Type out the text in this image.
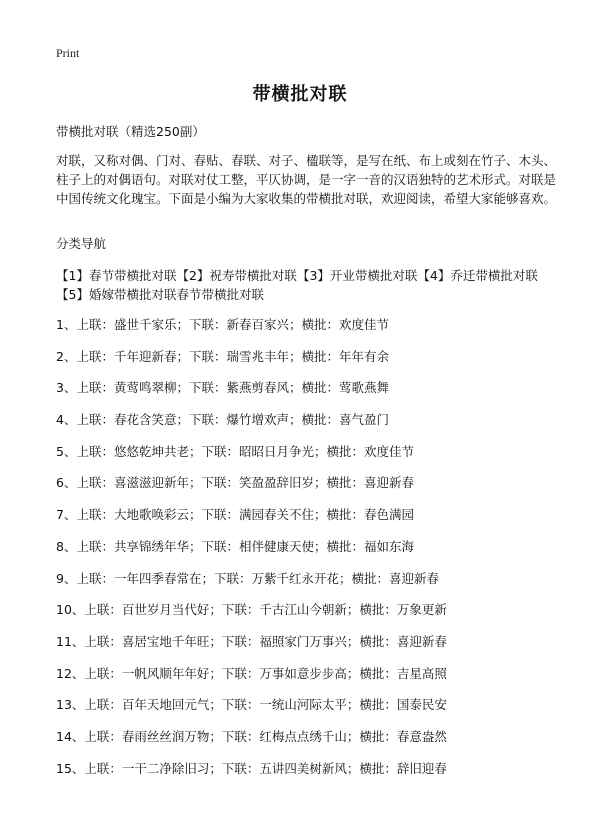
Print
带横批对联
带横批对联（精选250副）
对联，又称对偶、门对、春贴、春联、对子、楹联等，是写在纸、布上或刻在竹子、木头、柱子上的对偶语句。对联对仗工整，平仄协调，是一字一音的汉语独特的艺术形式。对联是中国传统文化瑰宝。下面是小编为大家收集的带横批对联，欢迎阅读，希望大家能够喜欢。
分类导航
【1】春节带横批对联【2】祝寿带横批对联【3】开业带横批对联【4】乔迁带横批对联【5】婚嫁带横批对联春节带横批对联
1、上联：盛世千家乐；下联：新春百家兴；横批：欢度佳节
2、上联：千年迎新春；下联：瑞雪兆丰年；横批：年年有余
3、上联：黄莺鸣翠柳；下联：紫燕剪春风；横批：莺歌燕舞
4、上联：春花含笑意；下联：爆竹增欢声；横批：喜气盈门
5、上联：悠悠乾坤共老；下联：昭昭日月争光；横批：欢度佳节
6、上联：喜滋滋迎新年；下联：笑盈盈辞旧岁；横批：喜迎新春
7、上联：大地歌唤彩云；下联：满园春关不住；横批：春色满园
8、上联：共享锦绣年华；下联：相伴健康天使；横批：福如东海
9、上联：一年四季春常在；下联：万紫千红永开花；横批：喜迎新春
10、上联：百世岁月当代好；下联：千古江山今朝新；横批：万象更新
11、上联：喜居宝地千年旺；下联：福照家门万事兴；横批：喜迎新春
12、上联：一帆风顺年年好；下联：万事如意步步高；横批：吉星高照
13、上联：百年天地回元气；下联：一统山河际太平；横批：国泰民安
14、上联：春雨丝丝润万物；下联：红梅点点绣千山；横批：春意盎然
15、上联：一干二净除旧习；下联：五讲四美树新风；横批：辞旧迎春
